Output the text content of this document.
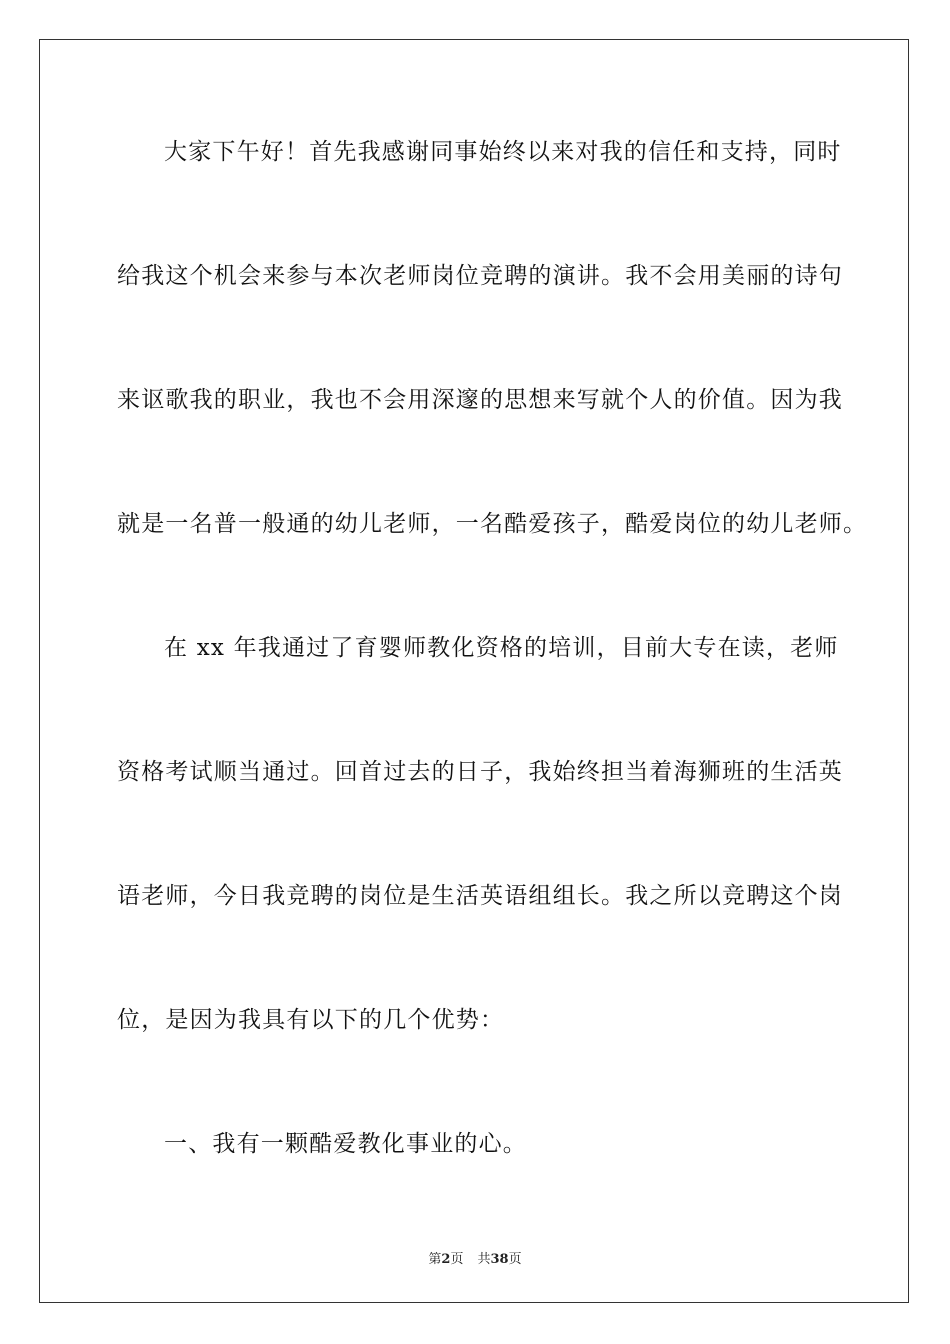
大家下午好！首先我感谢同事始终以来对我的信任和支持，同时
给我这个机会来参与本次老师岗位竞聘的演讲。我不会用美丽的诗句
来讴歌我的职业，我也不会用深邃的思想来写就个人的价值。因为我
就是一名普一般通的幼儿老师，一名酷爱孩子，酷爱岗位的幼儿老师。
在 xx 年我通过了育婴师教化资格的培训，目前大专在读，老师
资格考试顺当通过。回首过去的日子，我始终担当着海狮班的生活英
语老师，今日我竞聘的岗位是生活英语组组长。我之所以竞聘这个岗
位，是因为我具有以下的几个优势：
一、我有一颗酷爱教化事业的心。
第2页 共38页
